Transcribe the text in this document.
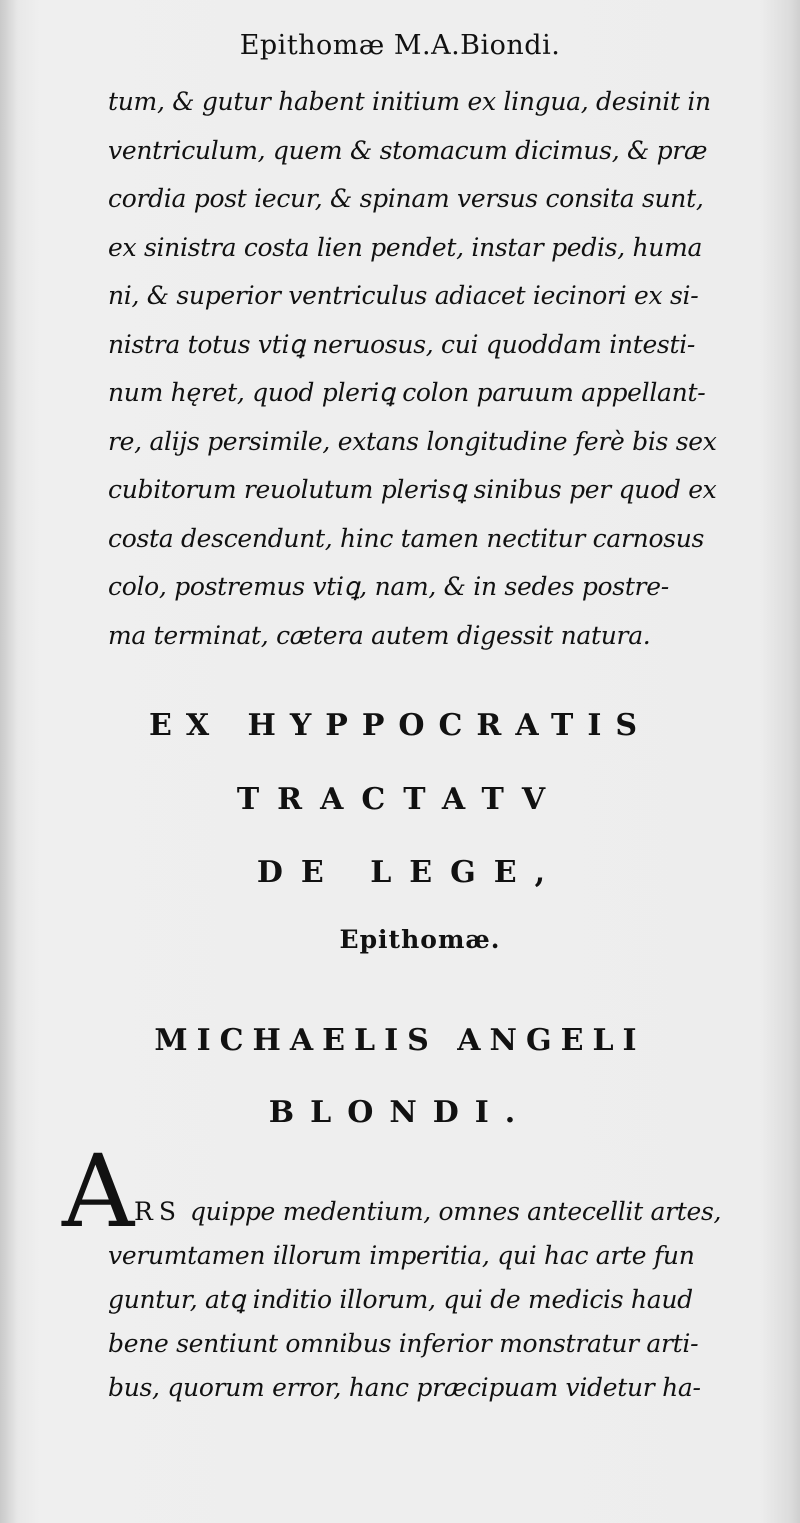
Epithomæ M.A.Biondi.
tum, & gutur habent initium ex lingua, desinit in
ventriculum, quem & stomacum dicimus, & præ
cordia post iecur, & spinam versus consita sunt,
ex sinistra costa lien pendet, instar pedis, huma
ni, & superior ventriculus adiacet iecinori ex si-
nistra totus vtiꝗ neruosus, cui quoddam intesti-
num hęret, quod pleriꝗ colon paruum appellant-
re, alijs persimile, extans longitudine ferè bis sex
cubitorum reuolutum plerisꝗ sinibus per quod ex
costa descendunt, hinc tamen nectitur carnosus
colo, postremus vtiꝗ, nam, & in sedes postre-
ma terminat, cætera autem digessit natura.
EX HYPPOCRATIS
TRACTATV
DE LEGE,
Epithomæ.
MICHAELIS ANGELI
BLONDI.
A RS quippe medentium, omnes antecellit artes,
verumtamen illorum imperitia, qui hac arte fun
guntur, atꝗ inditio illorum, qui de medicis haud
bene sentiunt omnibus inferior monstratur arti-
bus, quorum error, hanc præcipuam videtur ha-
